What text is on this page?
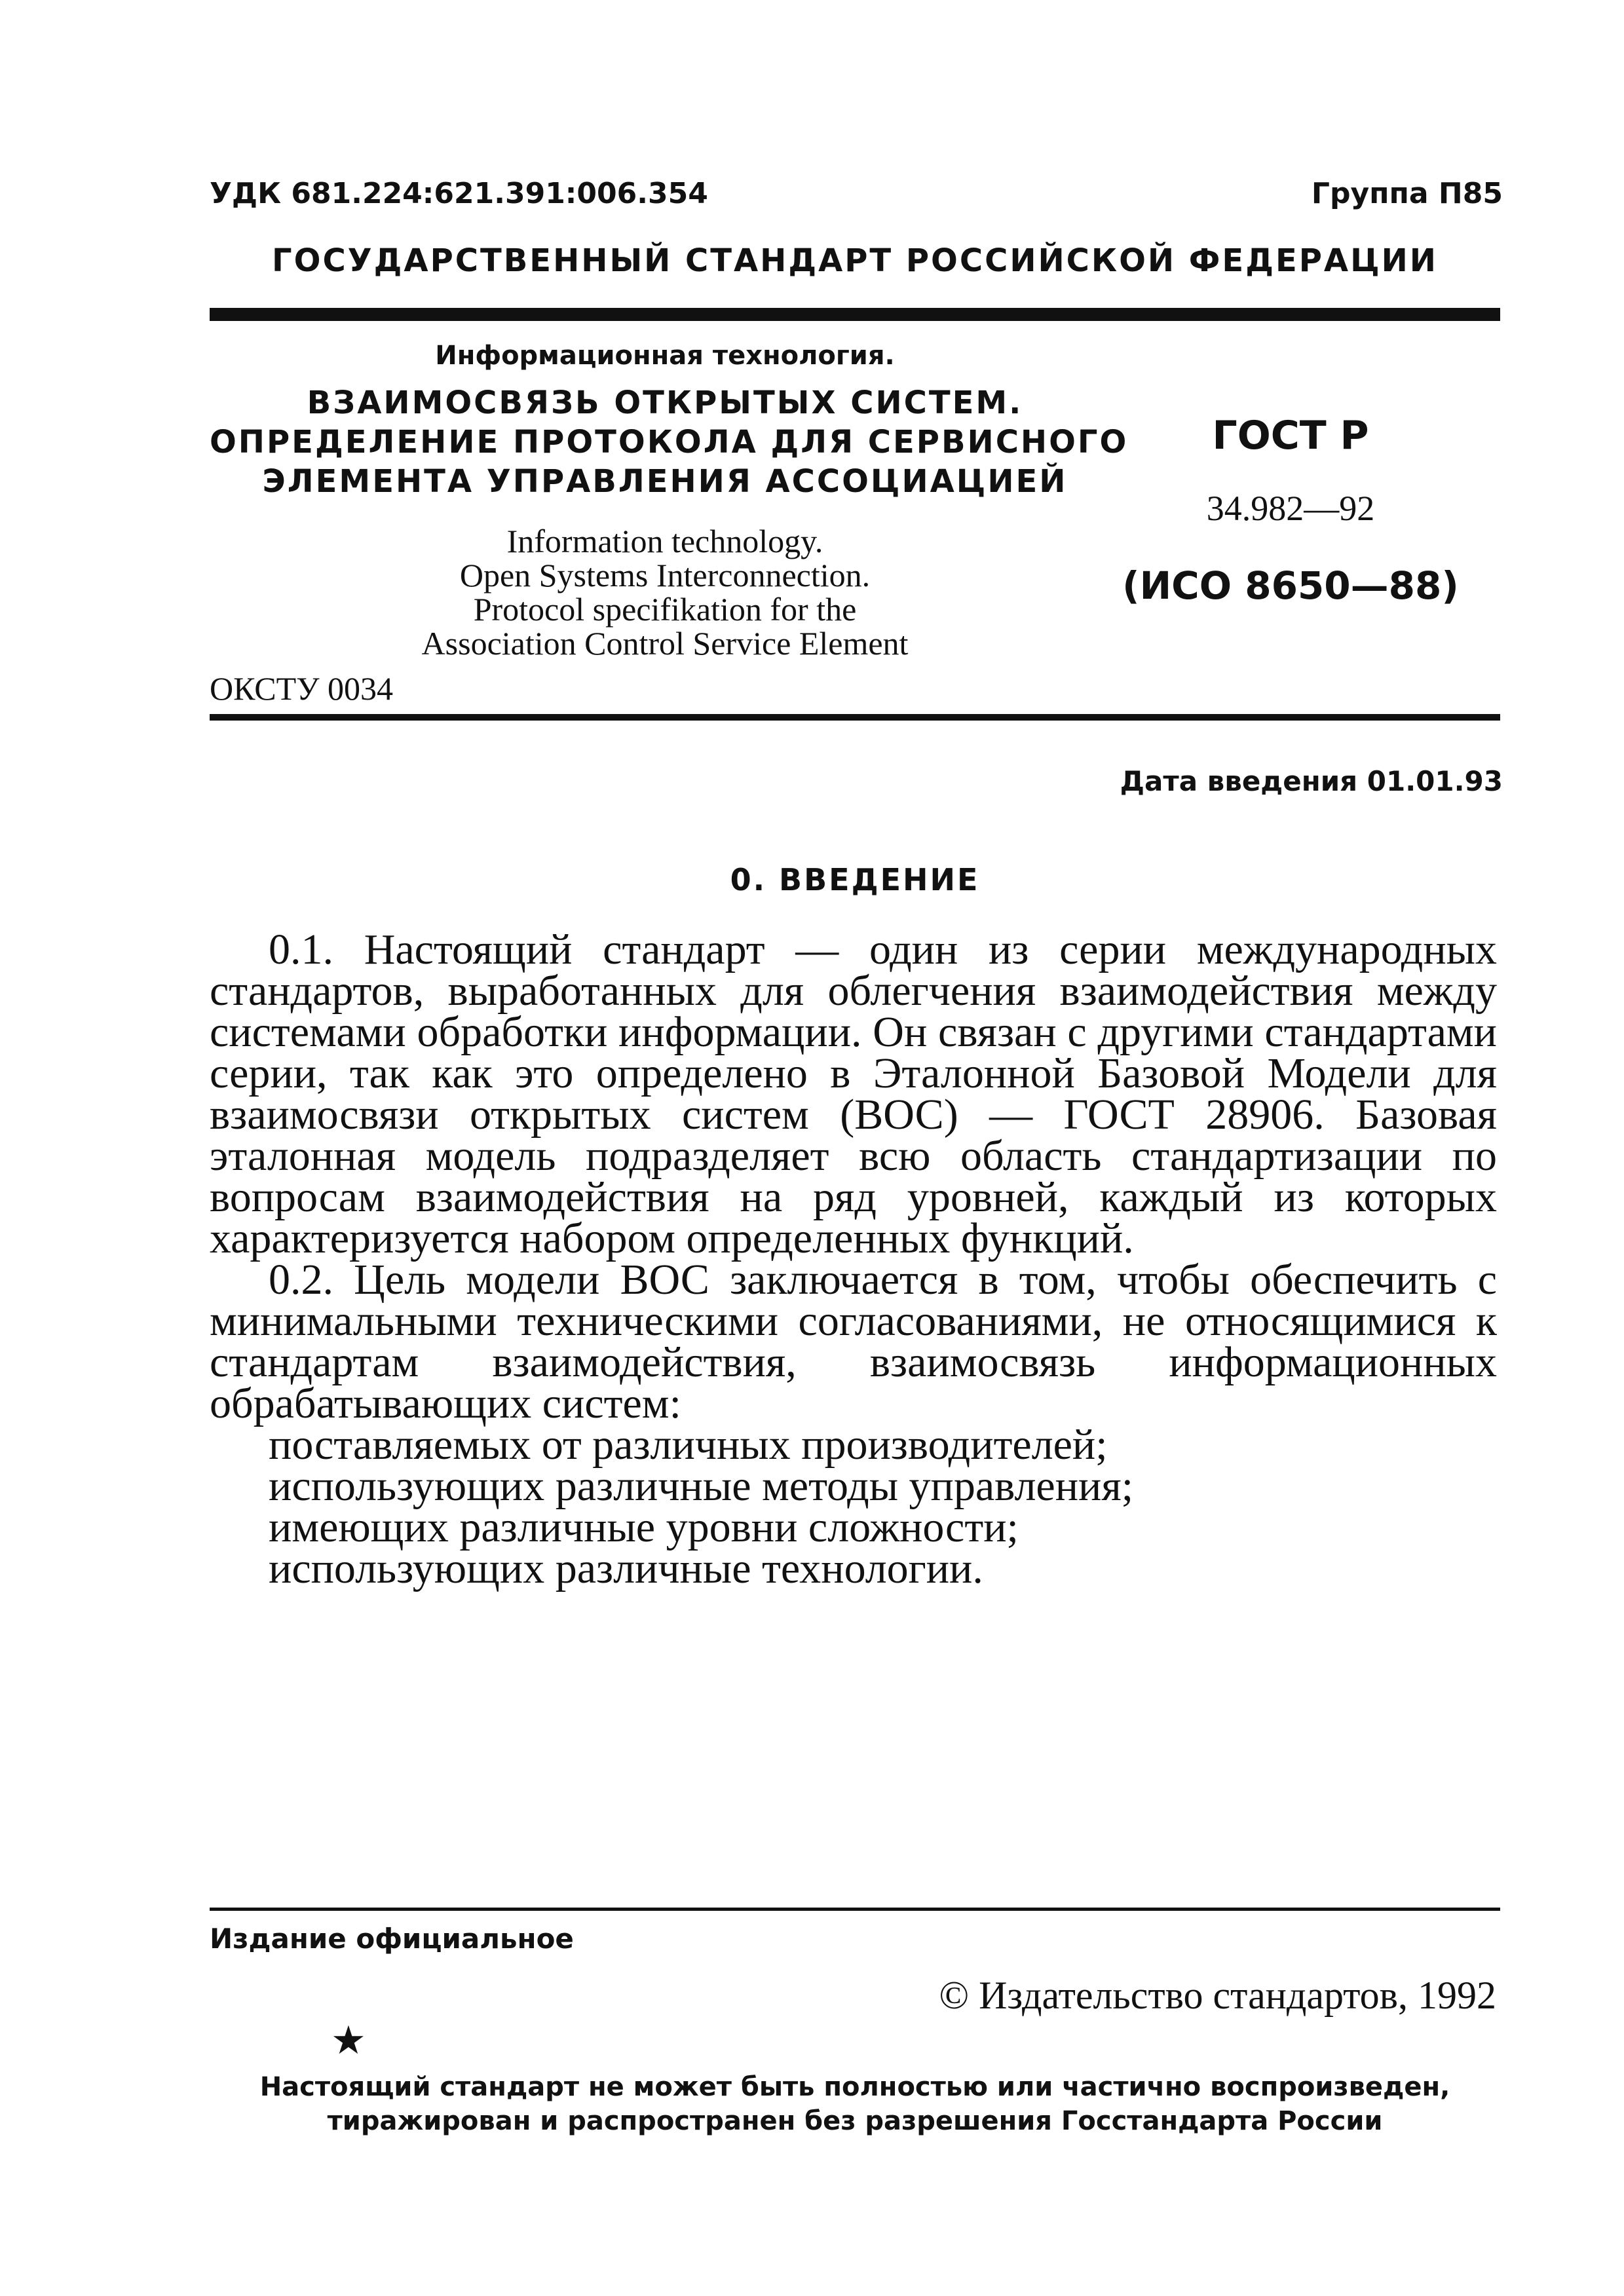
УДК 681.224:621.391:006.354	Группа П85
ГОСУДАРСТВЕННЫЙ СТАНДАРТ РОССИЙСКОЙ ФЕДЕРАЦИИ
Информационная технология.
ВЗАИМОСВЯЗЬ ОТКРЫТЫХ СИСТЕМ.
ОПРЕДЕЛЕНИЕ ПРОТОКОЛА ДЛЯ СЕРВИСНОГО
ЭЛЕМЕНТА УПРАВЛЕНИЯ АССОЦИАЦИЕЙ
Information technology.
Open Systems Interconnection.
Protocol specifikation for the
Association Control Service Element
ОКСТУ 0034
ГОСТ Р
34.982—92
(ИСО 8650—88)
Дата введения 01.01.93
0. ВВЕДЕНИЕ
0.1. Настоящий стандарт — один из серии международных стандартов, выработанных для облегчения взаимодействия между системами обработки информации. Он связан с другими стандартами серии, так как это определено в Эталонной Базовой Модели для взаимосвязи открытых систем (ВОС) — ГОСТ 28906. Базовая эталонная модель подразделяет всю область стандартизации по вопросам взаимодействия на ряд уровней, каждый из которых характеризуется набором определенных функций.
0.2. Цель модели ВОС заключается в том, чтобы обеспечить с минимальными техническими согласованиями, не относящимися к стандартам взаимодействия, взаимосвязь информационных обрабатывающих систем:
поставляемых от различных производителей;
использующих различные методы управления;
имеющих различные уровни сложности;
использующих различные технологии.
Издание официальное
© Издательство стандартов, 1992
★
Настоящий стандарт не может быть полностью или частично воспроизведен,
тиражирован и распространен без разрешения Госстандарта России
